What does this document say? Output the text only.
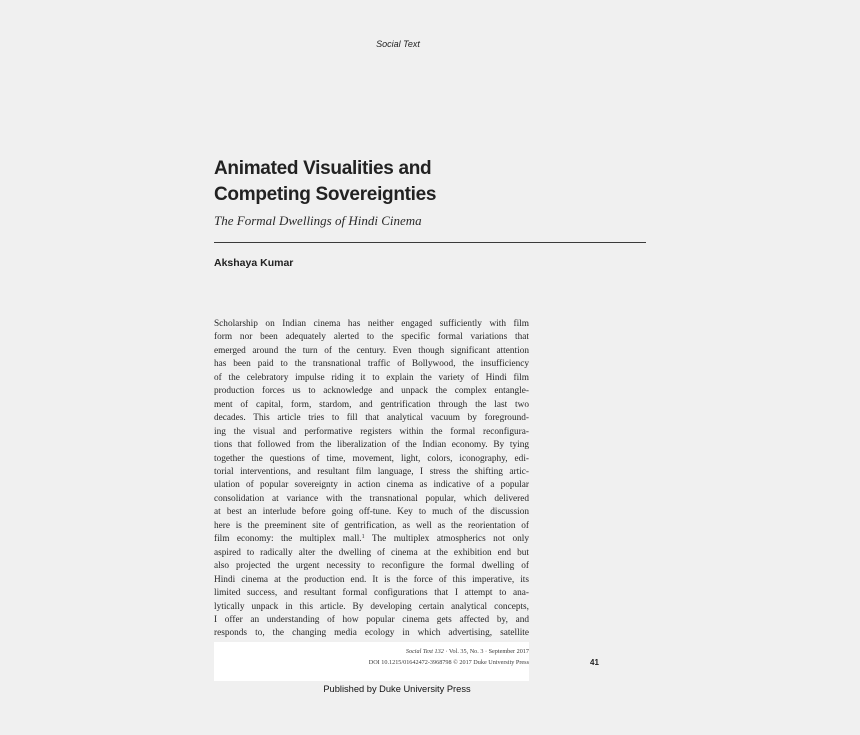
Social Text
Animated Visualities and
Competing Sovereignties
The Formal Dwellings of Hindi Cinema
Akshaya Kumar
Scholarship on Indian cinema has neither engaged sufficiently with film
form nor been adequately alerted to the specific formal variations that
emerged around the turn of the century. Even though significant attention
has been paid to the transnational traffic of Bollywood, the insufficiency
of the celebratory impulse riding it to explain the variety of Hindi film
production forces us to acknowledge and unpack the complex entangle-
ment of capital, form, stardom, and gentrification through the last two
decades. This article tries to fill that analytical vacuum by foreground-
ing the visual and performative registers within the formal reconfigura-
tions that followed from the liberalization of the Indian economy. By tying
together the questions of time, movement, light, colors, iconography, edi-
torial interventions, and resultant film language, I stress the shifting artic-
ulation of popular sovereignty in action cinema as indicative of a popular
consolidation at variance with the transnational popular, which delivered
at best an interlude before going off-tune. Key to much of the discussion
here is the preeminent site of gentrification, as well as the reorientation of
film economy: the multiplex mall.$^1$ The multiplex atmospherics not only
aspired to radically alter the dwelling of cinema at the exhibition end but
also projected the urgent necessity to reconfigure the formal dwelling of
Hindi cinema at the production end. It is the force of this imperative, its
limited success, and resultant formal configurations that I attempt to ana-
lytically unpack in this article. By developing certain analytical concepts,
I offer an understanding of how popular cinema gets affected by, and
responds to, the changing media ecology in which advertising, satellite
Social Text 132 · Vol. 35, No. 3 · September 2017
DOI 10.1215/01642472-3968798 © 2017 Duke University Press	41
Published by Duke University Press
